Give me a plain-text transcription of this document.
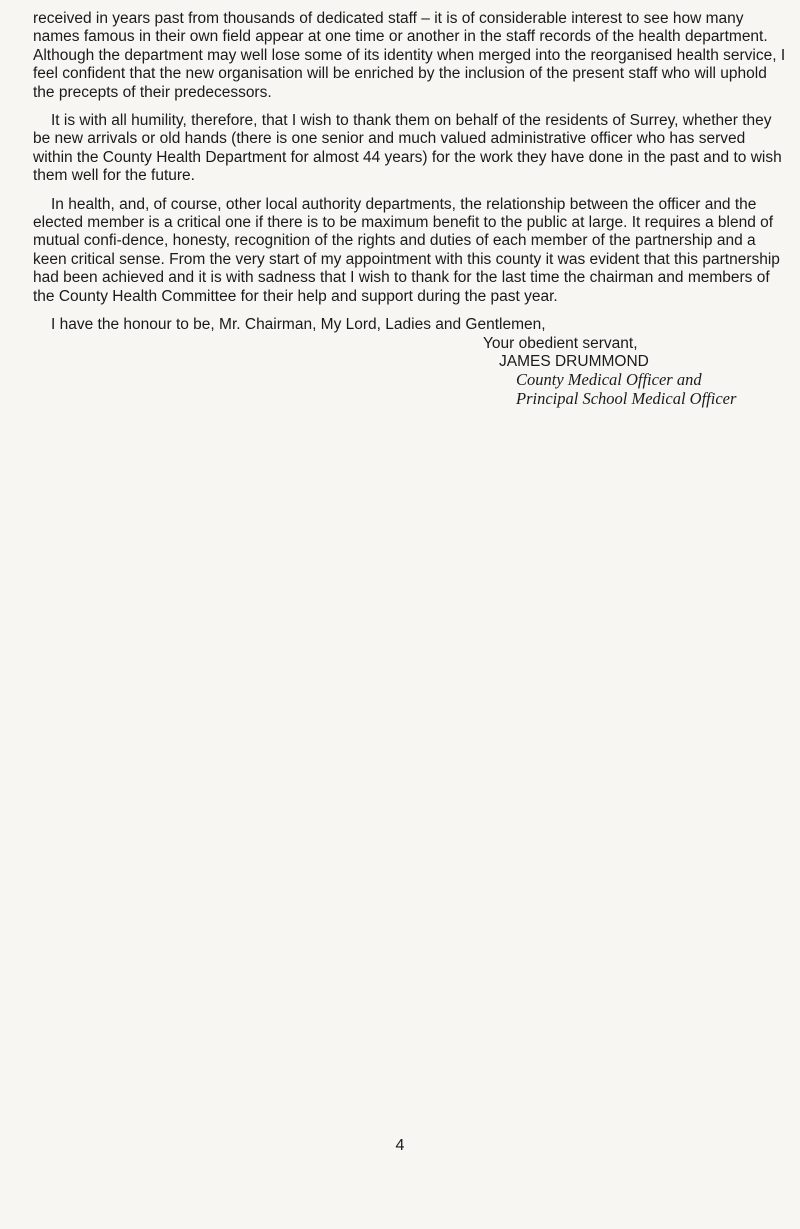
received in years past from thousands of dedicated staff – it is of considerable interest to see how many names famous in their own field appear at one time or another in the staff records of the health department. Although the department may well lose some of its identity when merged into the reorganised health service, I feel confident that the new organisation will be enriched by the inclusion of the present staff who will uphold the precepts of their predecessors.

It is with all humility, therefore, that I wish to thank them on behalf of the residents of Surrey, whether they be new arrivals or old hands (there is one senior and much valued administrative officer who has served within the County Health Department for almost 44 years) for the work they have done in the past and to wish them well for the future.

In health, and, of course, other local authority departments, the relationship between the officer and the elected member is a critical one if there is to be maximum benefit to the public at large. It requires a blend of mutual confi-dence, honesty, recognition of the rights and duties of each member of the partnership and a keen critical sense. From the very start of my appointment with this county it was evident that this partnership had been achieved and it is with sadness that I wish to thank for the last time the chairman and members of the County Health Committee for their help and support during the past year.

I have the honour to be, Mr. Chairman, My Lord, Ladies and Gentlemen,

Your obedient servant,
JAMES DRUMMOND
County Medical Officer and
Principal School Medical Officer
4
